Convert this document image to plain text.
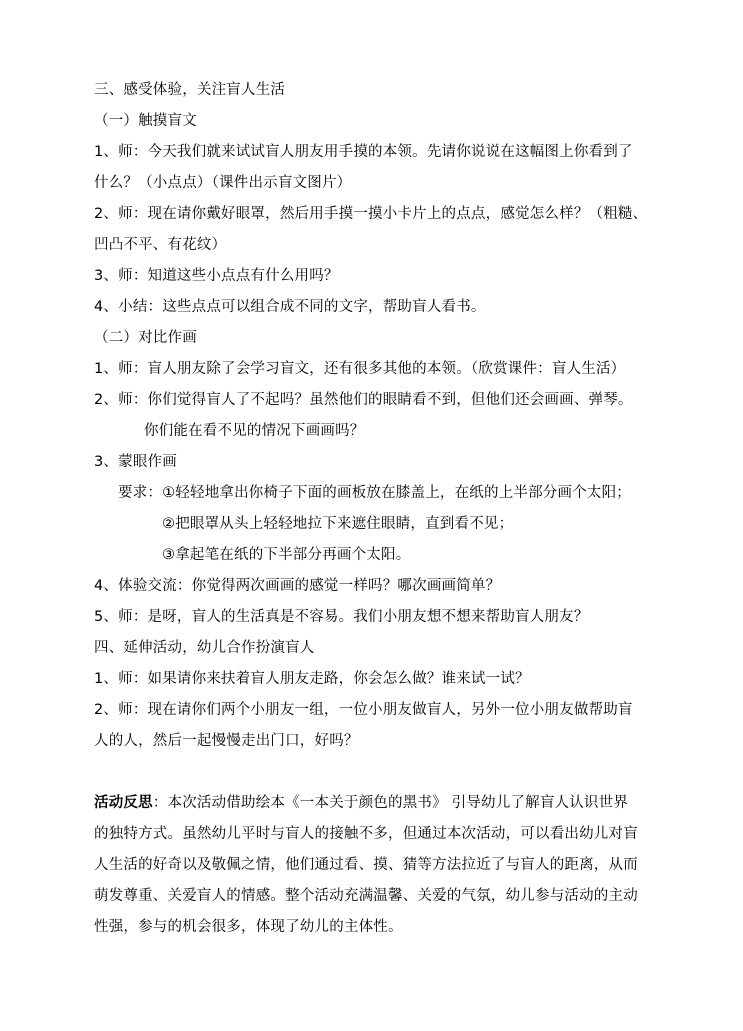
三、感受体验，关注盲人生活
（一）触摸盲文
1、师：今天我们就来试试盲人朋友用手摸的本领。先请你说说在这幅图上你看到了
什么？（小点点）（课件出示盲文图片）
2、师：现在请你戴好眼罩，然后用手摸一摸小卡片上的点点，感觉怎么样？（粗糙、
凹凸不平、有花纹）
3、师：知道这些小点点有什么用吗？
4、小结：这些点点可以组合成不同的文字，帮助盲人看书。
（二）对比作画
1、师：盲人朋友除了会学习盲文，还有很多其他的本领。（欣赏课件：盲人生活）
2、师：你们觉得盲人了不起吗？虽然他们的眼睛看不到，但他们还会画画、弹琴。
你们能在看不见的情况下画画吗？
3、蒙眼作画
要求：①轻轻地拿出你椅子下面的画板放在膝盖上，在纸的上半部分画个太阳；
②把眼罩从头上轻轻地拉下来遮住眼睛，直到看不见；
③拿起笔在纸的下半部分再画个太阳。
4、体验交流：你觉得两次画画的感觉一样吗？哪次画画简单？
5、师：是呀，盲人的生活真是不容易。我们小朋友想不想来帮助盲人朋友？
四、延伸活动，幼儿合作扮演盲人
1、师：如果请你来扶着盲人朋友走路，你会怎么做？谁来试一试？
2、师：现在请你们两个小朋友一组，一位小朋友做盲人，另外一位小朋友做帮助盲
人的人，然后一起慢慢走出门口，好吗？
活动反思：本次活动借助绘本《一本关于颜色的黑书》 引导幼儿了解盲人认识世界
的独特方式。虽然幼儿平时与盲人的接触不多，但通过本次活动，可以看出幼儿对盲
人生活的好奇以及敬佩之情，他们通过看、摸、猜等方法拉近了与盲人的距离，从而
萌发尊重、关爱盲人的情感。整个活动充满温馨、关爱的气氛，幼儿参与活动的主动
性强，参与的机会很多，体现了幼儿的主体性。
